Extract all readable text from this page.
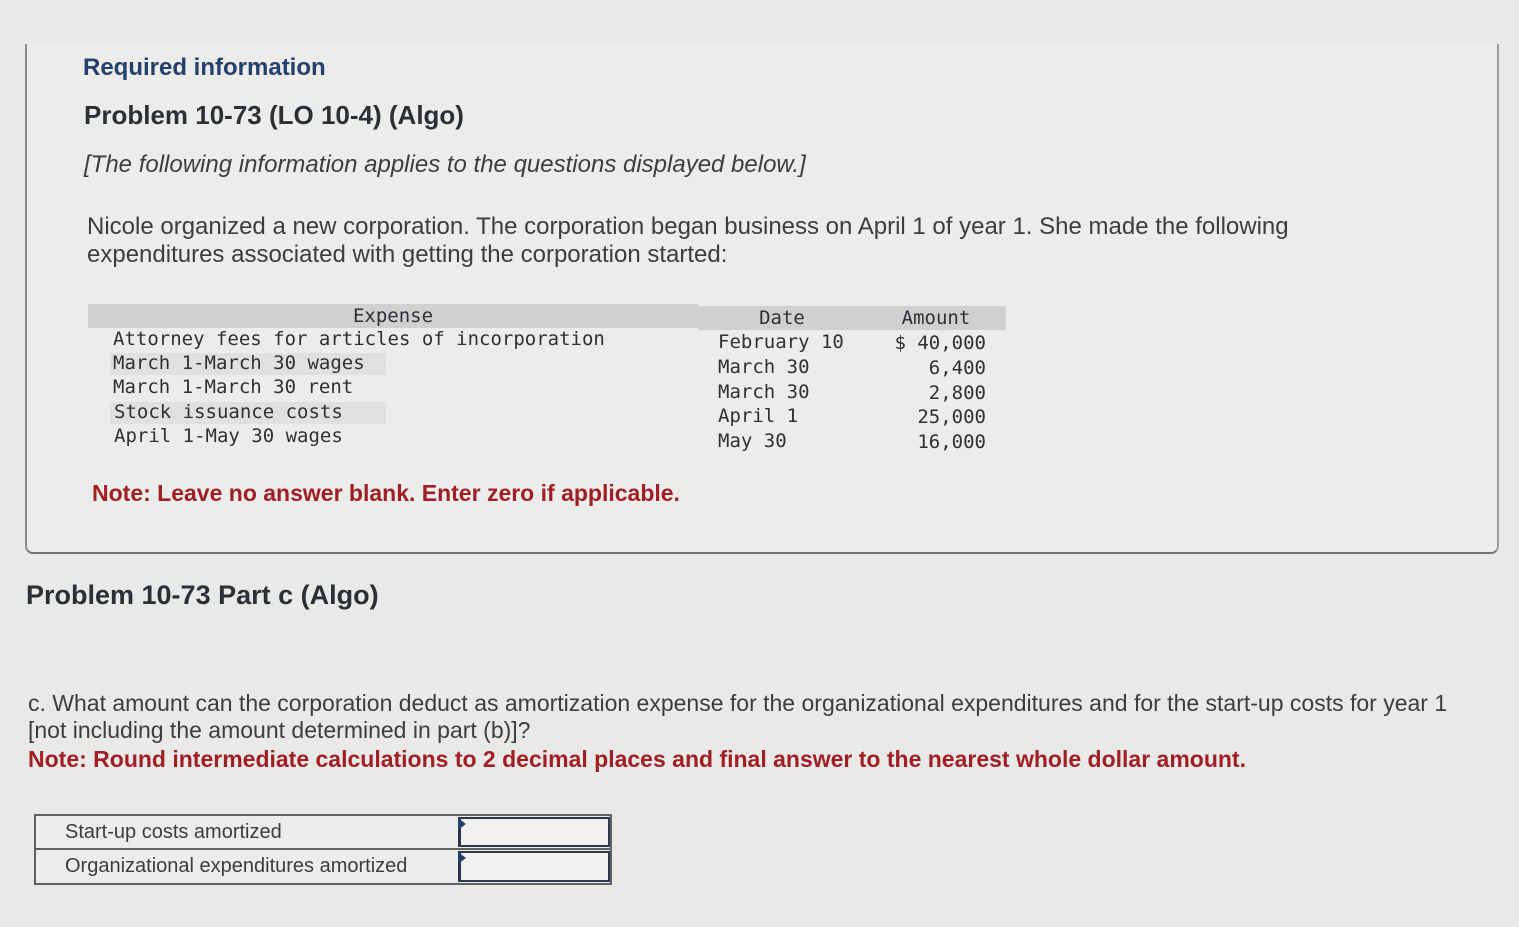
Required information
Problem 10-73 (LO 10-4) (Algo)
[The following information applies to the questions displayed below.]
Nicole organized a new corporation. The corporation began business on April 1 of year 1. She made the following expenditures associated with getting the corporation started:
Expense	Date	Amount
Attorney fees for articles of incorporation	February 10	$ 40,000
March 1-March 30 wages	March 30	6,400
March 1-March 30 rent	March 30	2,800
Stock issuance costs	April 1	25,000
April 1-May 30 wages	May 30	16,000
Note: Leave no answer blank. Enter zero if applicable.
Problem 10-73 Part c (Algo)
c. What amount can the corporation deduct as amortization expense for the organizational expenditures and for the start-up costs for year 1 [not including the amount determined in part (b)]?
Note: Round intermediate calculations to 2 decimal places and final answer to the nearest whole dollar amount.
Start-up costs amortized
Organizational expenditures amortized
